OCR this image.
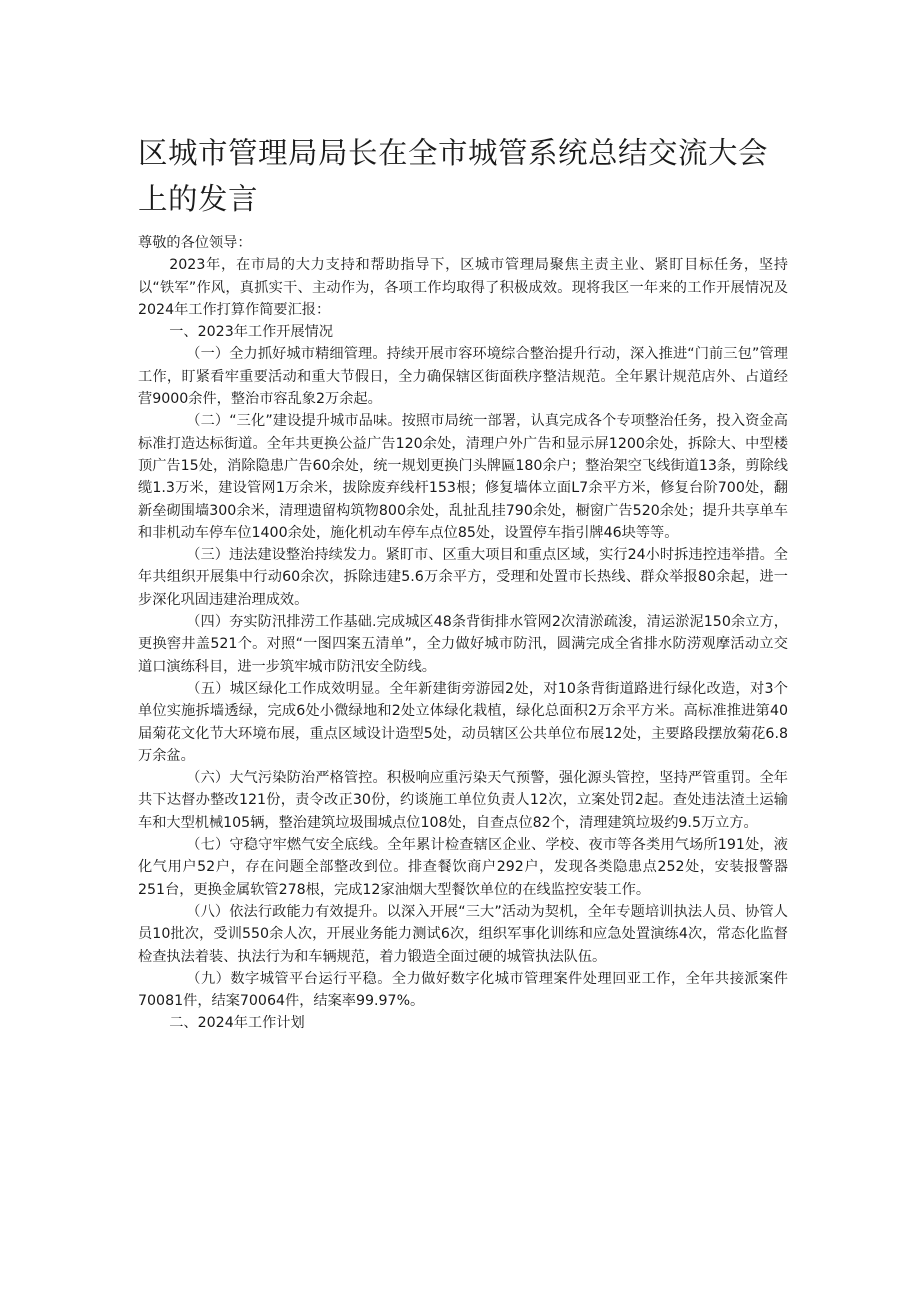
区城市管理局局长在全市城管系统总结交流大会上的发言

尊敬的各位领导：

2023年，在市局的大力支持和帮助指导下，区城市管理局聚焦主责主业、紧盯目标任务，坚持以“铁军”作风，真抓实干、主动作为，各项工作均取得了积极成效。现将我区一年来的工作开展情况及2024年工作打算作简要汇报：

一、2023年工作开展情况

（一）全力抓好城市精细管理。持续开展市容环境综合整治提升行动，深入推进“门前三包”管理工作，盯紧看牢重要活动和重大节假日，全力确保辖区街面秩序整洁规范。全年累计规范店外、占道经营9000余件，整治市容乱象2万余起。

（二）“三化”建设提升城市品味。按照市局统一部署，认真完成各个专项整治任务，投入资金高标准打造达标街道。全年共更换公益广告120余处，清理户外广告和显示屏1200余处，拆除大、中型楼顶广告15处，消除隐患广告60余处，统一规划更换门头牌匾180余户；整治架空飞线街道13条，剪除线缆1.3万米，建设管网1万余米，拔除废弃线杆153根；修复墙体立面L7余平方米，修复台阶700处，翻新垒砌围墙300余米，清理遗留构筑物800余处，乱扯乱挂790余处，橱窗广告520余处；提升共享单车和非机动车停车位1400余处，施化机动车停车点位85处，设置停车指引牌46块等等。

（三）违法建设整治持续发力。紧盯市、区重大项目和重点区域，实行24小时拆违控违举措。全年共组织开展集中行动60余次，拆除违建5.6万余平方，受理和处置市长热线、群众举报80余起，进一步深化巩固违建治理成效。

（四）夯实防汛排涝工作基础.完成城区48条背街排水管网2次清淤疏浚，清运淤泥150余立方，更换窖井盖521个。对照“一图四案五清单”，全力做好城市防汛，圆满完成全省排水防涝观摩活动立交道口演练科目，进一步筑牢城市防汛安全防线。

（五）城区绿化工作成效明显。全年新建街旁游园2处，对10条背街道路进行绿化改造，对3个单位实施拆墙透绿，完成6处小微绿地和2处立体绿化栽植，绿化总面积2万余平方米。高标准推进第40届菊花文化节大环境布展，重点区域设计造型5处，动员辖区公共单位布展12处，主要路段摆放菊花6.8万余盆。

（六）大气污染防治严格管控。积极响应重污染天气预警，强化源头管控，坚持严管重罚。全年共下达督办整改121份，责令改正30份，约谈施工单位负责人12次，立案处罚2起。查处违法渣土运输车和大型机械105辆，整治建筑垃圾围城点位108处，自查点位82个，清理建筑垃圾约9.5万立方。

（七）守稳守牢燃气安全底线。全年累计检查辖区企业、学校、夜市等各类用气场所191处，液化气用户52户，存在问题全部整改到位。排查餐饮商户292户，发现各类隐患点252处，安装报警器251台，更换金属软管278根，完成12家油烟大型餐饮单位的在线监控安装工作。

（八）依法行政能力有效提升。以深入开展“三大”活动为契机，全年专题培训执法人员、协管人员10批次，受训550余人次，开展业务能力测试6次，组织军事化训练和应急处置演练4次，常态化监督检查执法着装、执法行为和车辆规范，着力锻造全面过硬的城管执法队伍。

（九）数字城管平台运行平稳。全力做好数字化城市管理案件处理回亚工作，全年共接派案件70081件，结案70064件，结案率99.97%。

二、2024年工作计划
